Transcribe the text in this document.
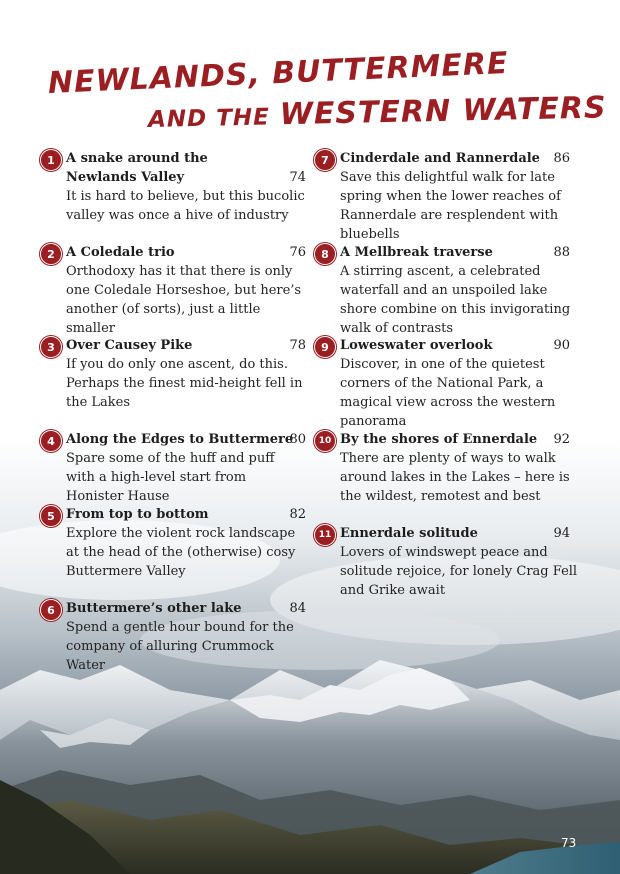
NEWLANDS, BUTTERMERE
AND THE WESTERN WATERS
1 A snake around the Newlands Valley	74
It is hard to believe, but this bucolic valley was once a hive of industry
2 A Coledale trio	76
Orthodoxy has it that there is only one Coledale Horseshoe, but here’s another (of sorts), just a little smaller
3 Over Causey Pike	78
If you do only one ascent, do this. Perhaps the finest mid-height fell in the Lakes
4 Along the Edges to Buttermere
80
Spare some of the huff and puff with a high-level start from Honister Hause
5 From top to bottom	82
Explore the violent rock landscape at the head of the (otherwise) cosy Buttermere Valley
6 Buttermere’s other lake	84
Spend a gentle hour bound for the company of alluring Crummock Water
7 Cinderdale and Rannerdale 86
Save this delightful walk for late spring when the lower reaches of Rannerdale are resplendent with bluebells
8 A Mellbreak traverse	88
A stirring ascent, a celebrated waterfall and an unspoiled lake shore combine on this invigorating walk of contrasts
9 Loweswater overlook	90
Discover, in one of the quietest corners of the National Park, a magical view across the western panorama
10 By the shores of Ennerdale 92
There are plenty of ways to walk around lakes in the Lakes – here is the wildest, remotest and best
11 Ennerdale solitude	94
Lovers of windswept peace and solitude rejoice, for lonely Crag Fell and Grike await
73
